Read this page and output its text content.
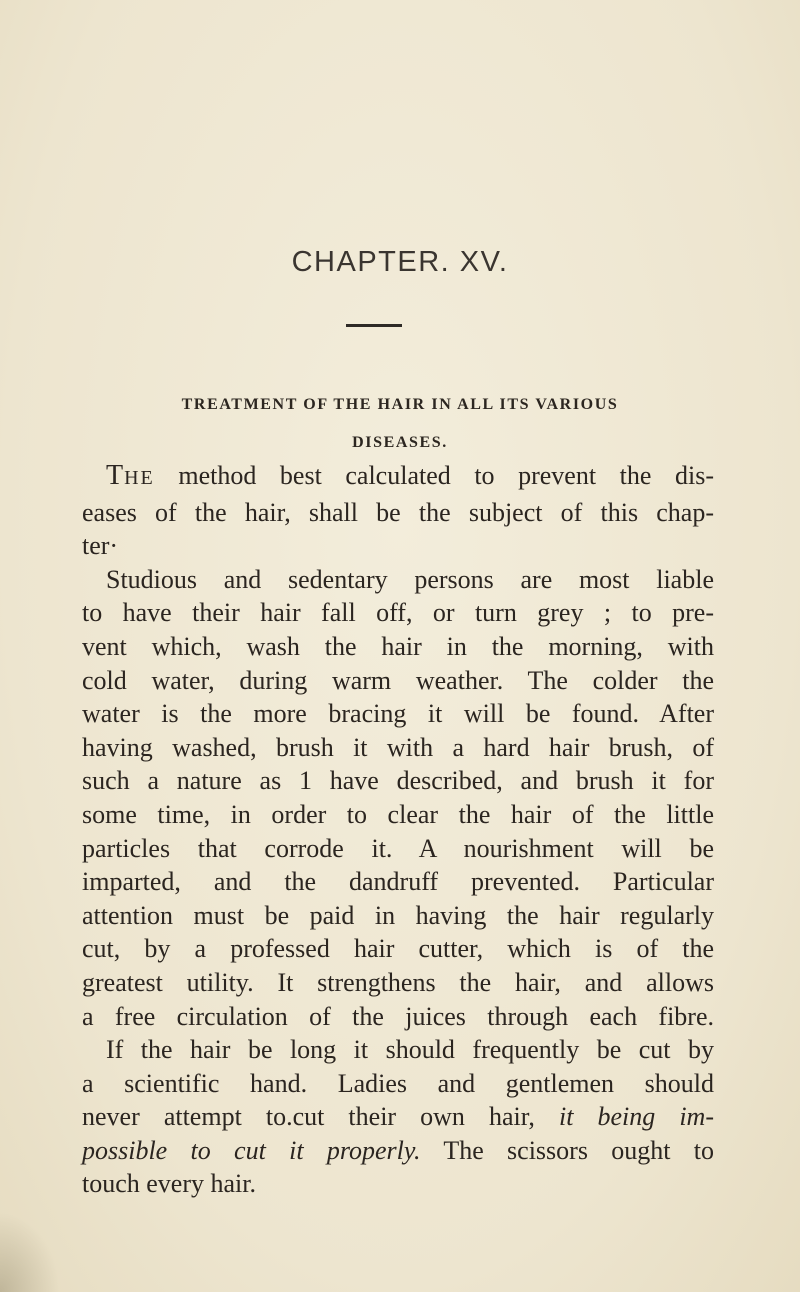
CHAPTER. XV.
TREATMENT OF THE HAIR IN ALL ITS VARIOUS
DISEASES.
THE method best calculated to prevent the dis-
eases of the hair, shall be the subject of this chap-
ter·
Studious and sedentary persons are most liable
to have their hair fall off, or turn grey ; to pre-
vent which, wash the hair in the morning, with
cold water, during warm weather. The colder the
water is the more bracing it will be found. After
having washed, brush it with a hard hair brush, of
such a nature as 1 have described, and brush it for
some time, in order to clear the hair of the little
particles that corrode it. A nourishment will be
imparted, and the dandruff prevented. Particular
attention must be paid in having the hair regularly
cut, by a professed hair cutter, which is of the
greatest utility. It strengthens the hair, and allows
a free circulation of the juices through each fibre.
If the hair be long it should frequently be cut by
a scientific hand. Ladies and gentlemen should
never attempt to.cut their own hair, it being im-
possible to cut it properly. The scissors ought to
touch every hair.
